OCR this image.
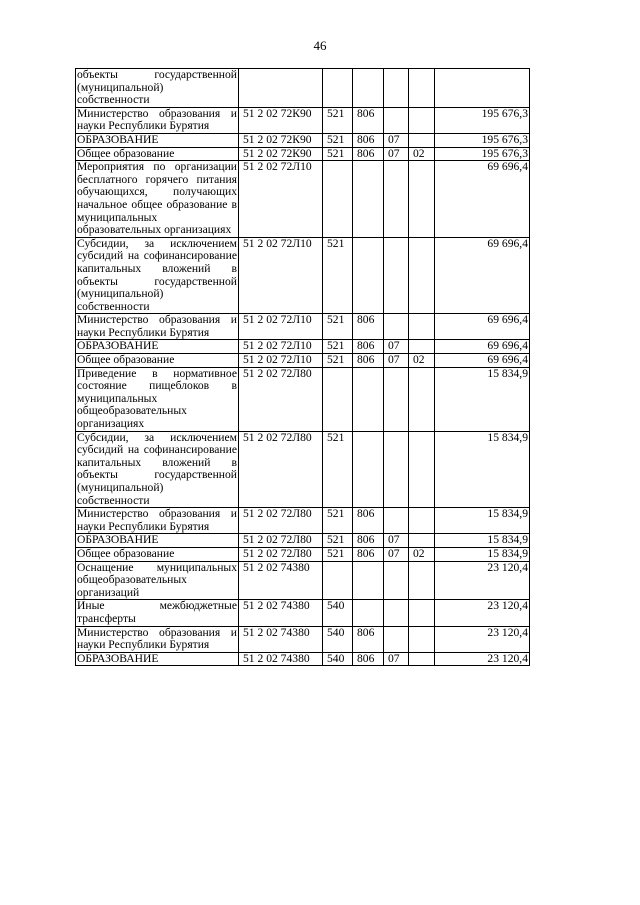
46
объекты государственной (муниципальной) собственности						
Министерство образования и науки Республики Бурятия	51 2 02 72К90	521	806			195 676,3
ОБРАЗОВАНИЕ	51 2 02 72К90	521	806	07		195 676,3
Общее образование	51 2 02 72К90	521	806	07	02	195 676,3
Мероприятия по организации бесплатного горячего питания обучающихся, получающих начальное общее образование в муниципальных образовательных организациях	51 2 02 72Л10					69 696,4
Субсидии, за исключением субсидий на софинансирование капитальных вложений в объекты государственной (муниципальной) собственности	51 2 02 72Л10	521				69 696,4
Министерство образования и науки Республики Бурятия	51 2 02 72Л10	521	806			69 696,4
ОБРАЗОВАНИЕ	51 2 02 72Л10	521	806	07		69 696,4
Общее образование	51 2 02 72Л10	521	806	07	02	69 696,4
Приведение в нормативное состояние пищеблоков в муниципальных общеобразовательных организациях	51 2 02 72Л80					15 834,9
Субсидии, за исключением субсидий на софинансирование капитальных вложений в объекты государственной (муниципальной) собственности	51 2 02 72Л80	521				15 834,9
Министерство образования и науки Республики Бурятия	51 2 02 72Л80	521	806			15 834,9
ОБРАЗОВАНИЕ	51 2 02 72Л80	521	806	07		15 834,9
Общее образование	51 2 02 72Л80	521	806	07	02	15 834,9
Оснащение муниципальных общеобразовательных организаций	51 2 02 74380					23 120,4
Иные межбюджетные трансферты	51 2 02 74380	540				23 120,4
Министерство образования и науки Республики Бурятия	51 2 02 74380	540	806			23 120,4
ОБРАЗОВАНИЕ	51 2 02 74380	540	806	07		23 120,4
